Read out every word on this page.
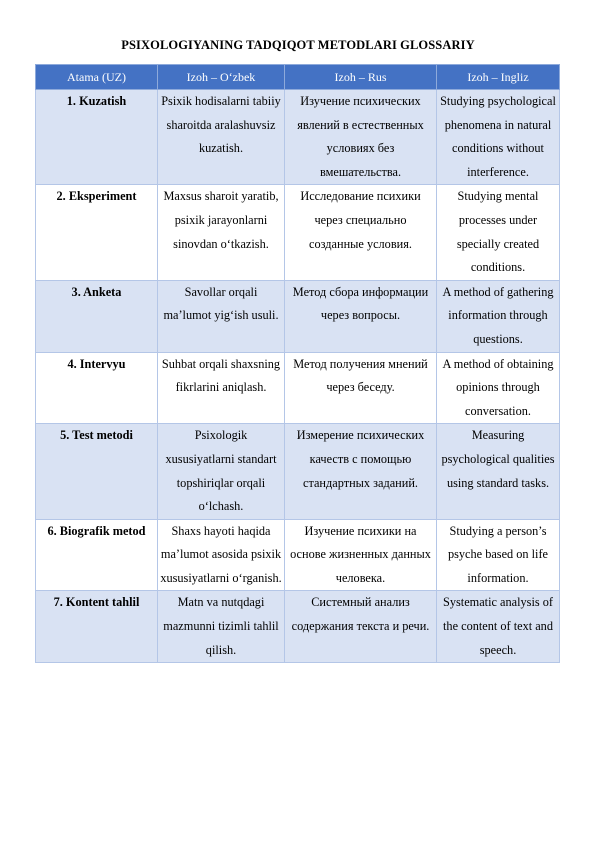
PSIXOLOGIYANING TADQIQOT METODLARI GLOSSARIY
Atama (UZ)	Izoh – O‘zbek	Izoh – Rus	Izoh – Ingliz
1. Kuzatish	Psixik hodisalarni tabiiy sharoitda aralashuvsiz kuzatish.	Изучение психических явлений в естественных условиях без вмешательства.	Studying psychological phenomena in natural conditions without interference.
2. Eksperiment	Maxsus sharoit yaratib, psixik jarayonlarni sinovdan o‘tkazish.	Исследование психики через специально созданные условия.	Studying mental processes under specially created conditions.
3. Anketa	Savollar orqali ma’lumot yig‘ish usuli.	Метод сбора информации через вопросы.	A method of gathering information through questions.
4. Intervyu	Suhbat orqali shaxsning fikrlarini aniqlash.	Метод получения мнений через беседу.	A method of obtaining opinions through conversation.
5. Test metodi	Psixologik xususiyatlarni standart topshiriqlar orqali o‘lchash.	Измерение психических качеств с помощью стандартных заданий.	Measuring psychological qualities using standard tasks.
6. Biografik metod	Shaxs hayoti haqida ma’lumot asosida psixik xususiyatlarni o‘rganish.	Изучение психики на основе жизненных данных человека.	Studying a person’s psyche based on life information.
7. Kontent tahlil	Matn va nutqdagi mazmunni tizimli tahlil qilish.	Системный анализ содержания текста и речи.	Systematic analysis of the content of text and speech.
